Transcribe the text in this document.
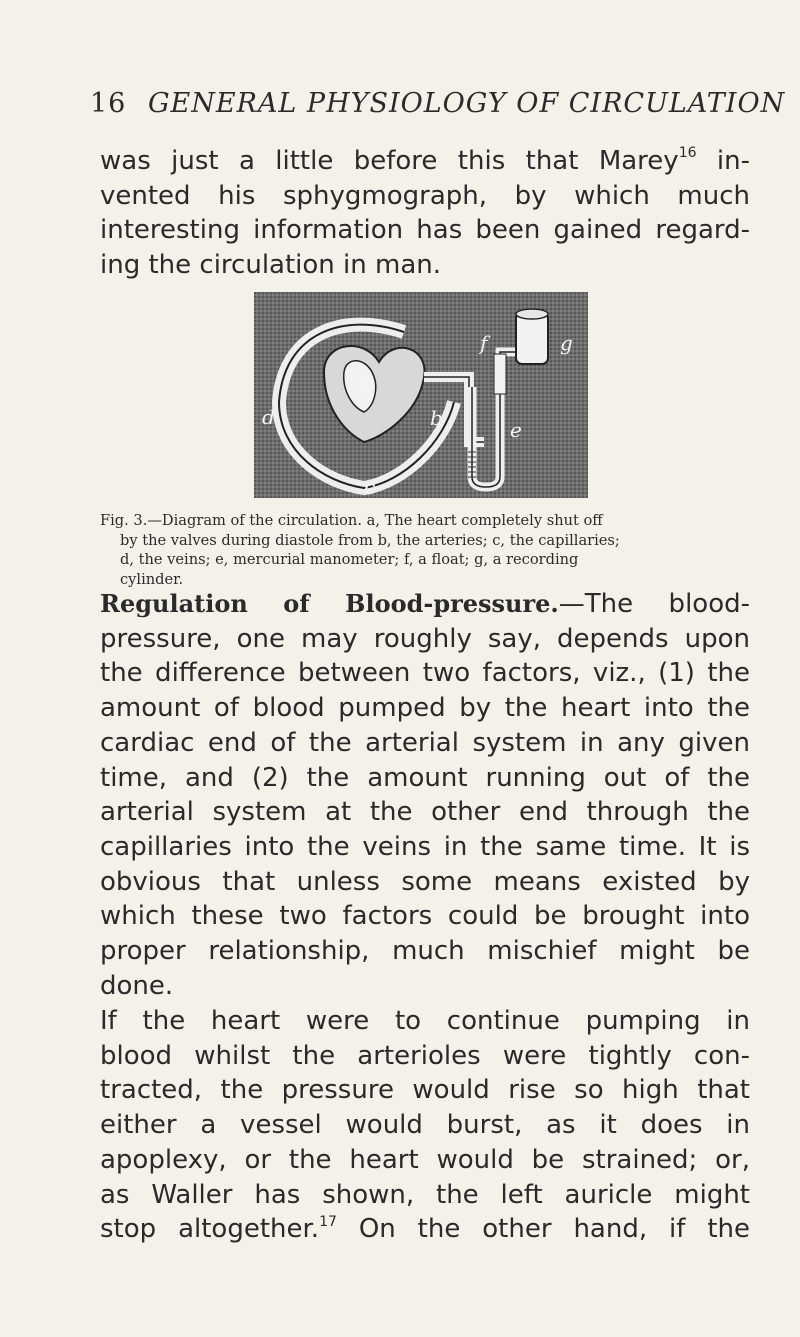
16 GENERAL PHYSIOLOGY OF CIRCULATION

was just a little before this that Marey$^{16}$ in-
vented his sphygmograph, by which much
interesting information has been gained regard-
ing the circulation in man.

a
b
c
d
e
f	g
Fig. 3.—Diagram of the circulation. a, The heart completely shut off
by the valves during diastole from b, the arteries; c, the capillaries;
d, the veins; e, mercurial manometer; f, a float; g, a recording
cylinder.

Regulation of Blood-pressure.—The blood-
pressure, one may roughly say, depends upon
the difference between two factors, viz., (1) the
amount of blood pumped by the heart into the
cardiac end of the arterial system in any given
time, and (2) the amount running out of the
arterial system at the other end through the
capillaries into the veins in the same time. It is
obvious that unless some means existed by
which these two factors could be brought into
proper relationship, much mischief might be
done.

If the heart were to continue pumping in
blood whilst the arterioles were tightly con-
tracted, the pressure would rise so high that
either a vessel would burst, as it does in
apoplexy, or the heart would be strained; or,
as Waller has shown, the left auricle might
stop altogether.$^{17}$ On the other hand, if the
